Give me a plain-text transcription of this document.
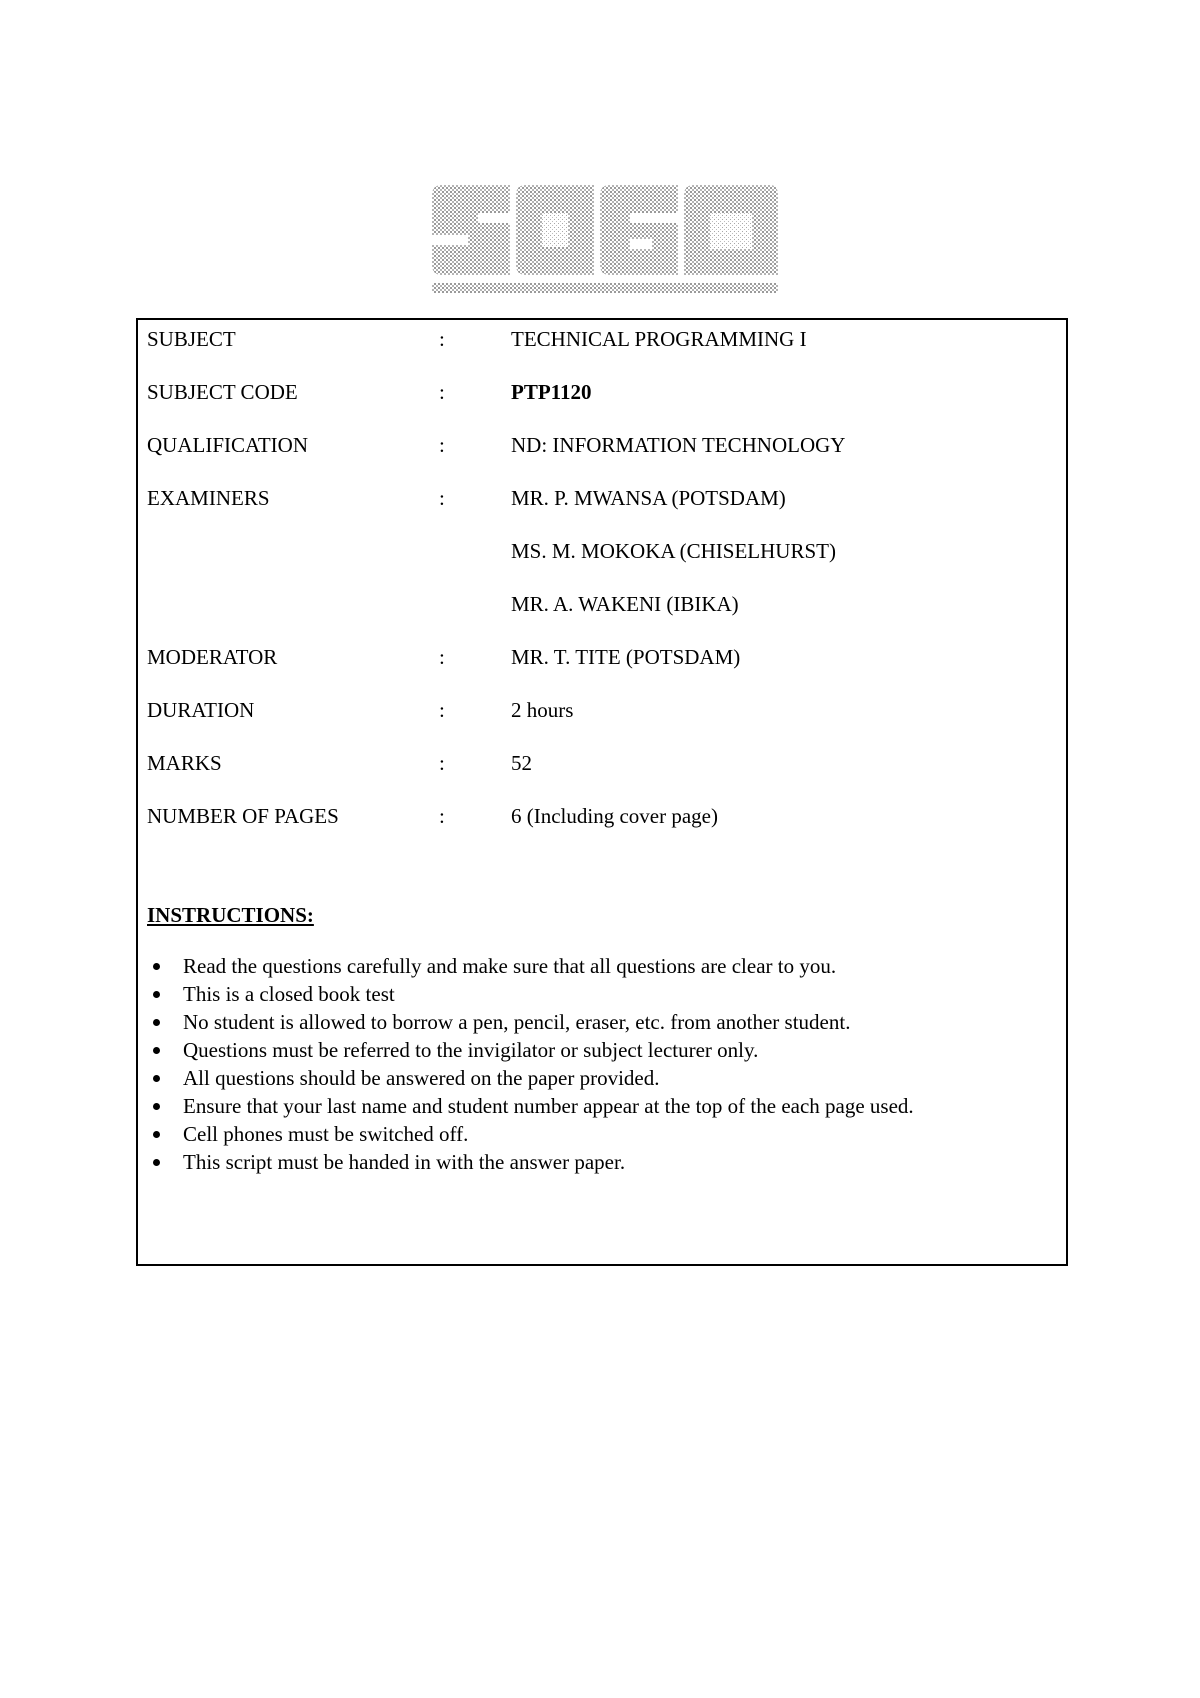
SUBJECT	:	TECHNICAL PROGRAMMING I
SUBJECT CODE	:	PTP1120
QUALIFICATION	:	ND: INFORMATION TECHNOLOGY
EXAMINERS	:	MR. P. MWANSA (POTSDAM)
MS. M. MOKOKA (CHISELHURST)
MR. A. WAKENI (IBIKA)
MODERATOR	:	MR. T. TITE (POTSDAM)
DURATION	:	2 hours
MARKS	:	52
NUMBER OF PAGES	:	6 (Including cover page)
INSTRUCTIONS:
Read the questions carefully and make sure that all questions are clear to you.
This is a closed book test
No student is allowed to borrow a pen, pencil, eraser, etc. from another student.
Questions must be referred to the invigilator or subject lecturer only.
All questions should be answered on the paper provided.
Ensure that your last name and student number appear at the top of the each page used.
Cell phones must be switched off.
This script must be handed in with the answer paper.
